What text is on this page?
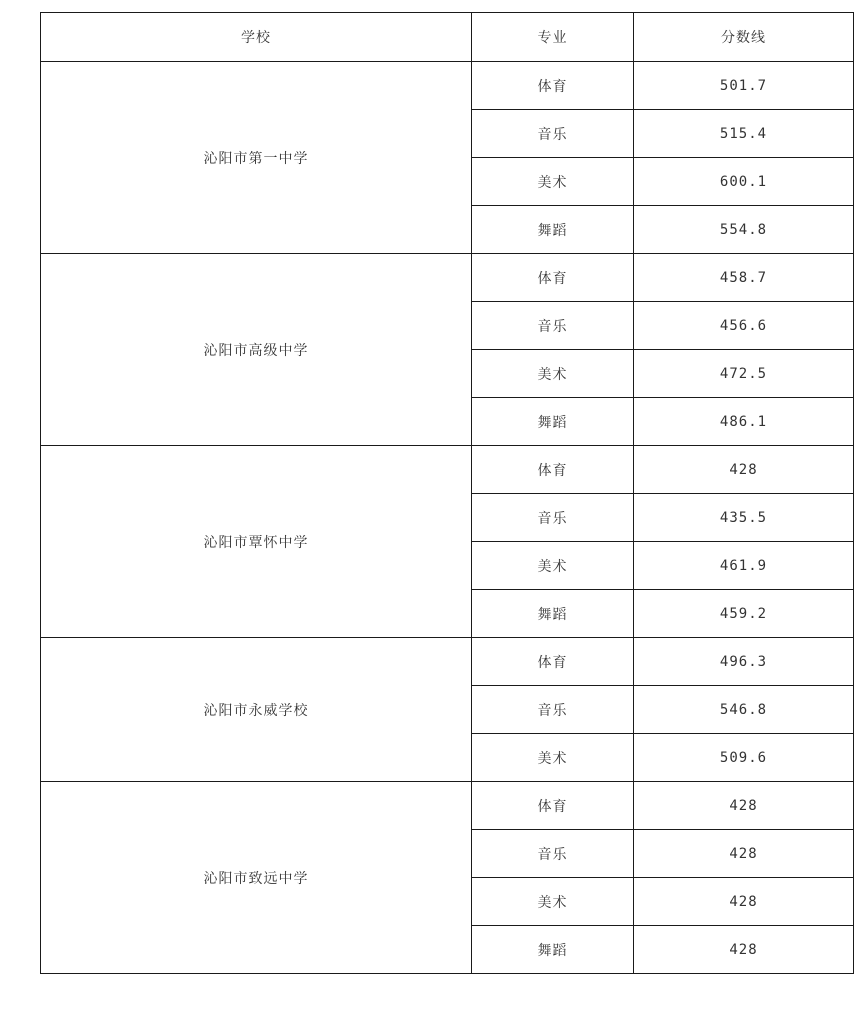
学校	专业	分数线
沁阳市第一中学	体育	501.7
	音乐	515.4
	美术	600.1
	舞蹈	554.8
沁阳市高级中学	体育	458.7
	音乐	456.6
	美术	472.5
	舞蹈	486.1
沁阳市覃怀中学	体育	428
	音乐	435.5
	美术	461.9
	舞蹈	459.2
沁阳市永威学校	体育	496.3
	音乐	546.8
	美术	509.6
沁阳市致远中学	体育	428
	音乐	428
	美术	428
	舞蹈	428
